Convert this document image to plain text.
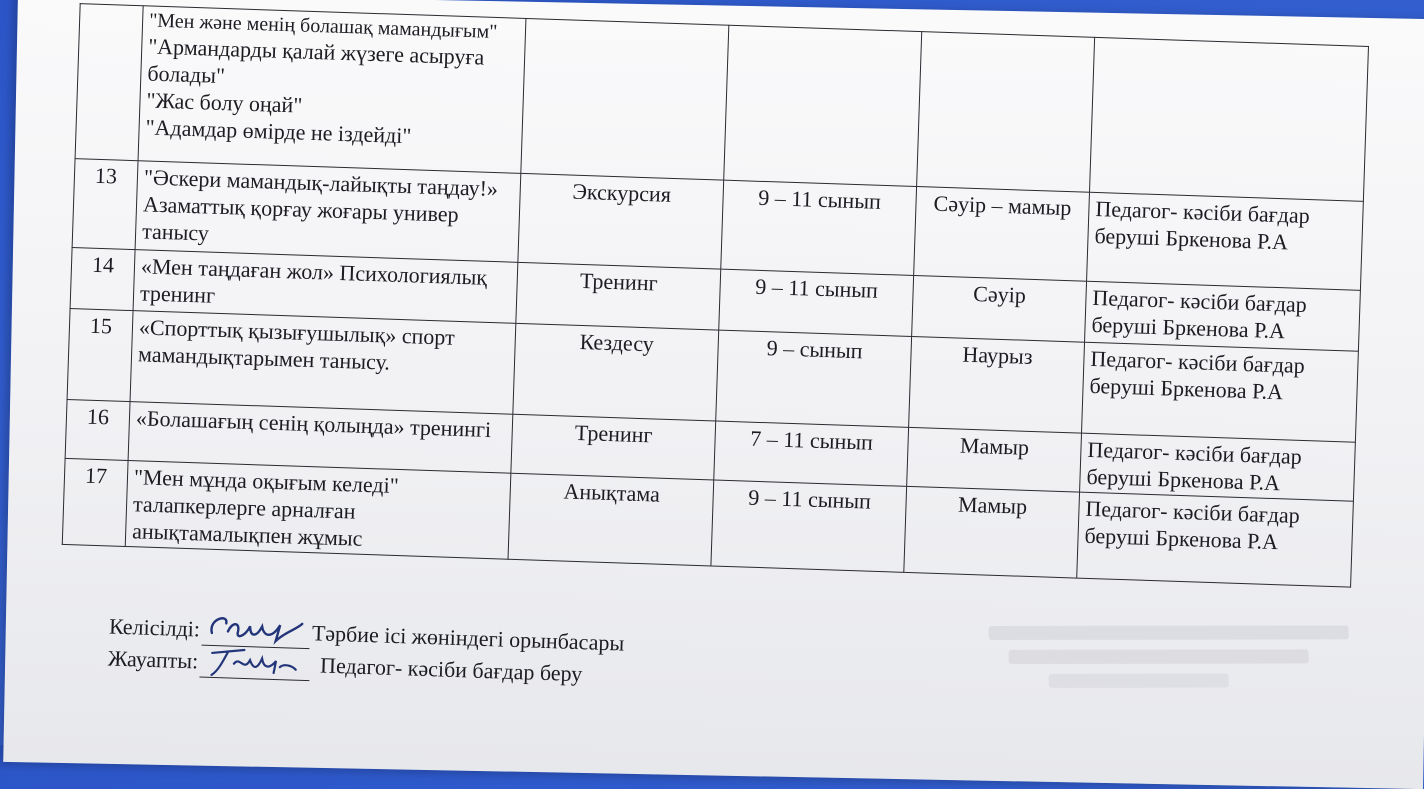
	"Мен және менің болашақ мамандығым"
"Армандарды қалай жүзеге асыруға болады"
"Жас болу оңай"
"Адамдар өмірде не іздейді"				

13	"Әскери мамандық-лайықты таңдау!» Азаматтық қорғау жоғары универ танысу	Экскурсия	9 – 11 сынып	Сәуір – мамыр	Педагог- кәсіби бағдар беруші Бркенова Р.А
14	«Мен таңдаған жол» Психологиялық тренинг	Тренинг	9 – 11 сынып	Сәуір	Педагог- кәсіби бағдар беруші Бркенова Р.А
15	«Спорттық қызығушылық» спорт мамандықтарымен танысу.	Кездесу	9 – сынып	Наурыз	Педагог- кәсіби бағдар беруші Бркенова Р.А
16	«Болашағың сенің қолыңда» тренингі	Тренинг	7 – 11 сынып	Мамыр	Педагог- кәсіби бағдар беруші Бркенова Р.А
17	"Мен мұнда оқығым келеді" талапкерлерге арналған анықтамалықпен жұмыс	Анықтама	9 – 11 сынып	Мамыр	Педагог- кәсіби бағдар беруші Бркенова Р.А
Келісілді:	Тәрбие ісі жөніндегі орынбасары
Жауапты:	Педагог- кәсіби бағдар беру
